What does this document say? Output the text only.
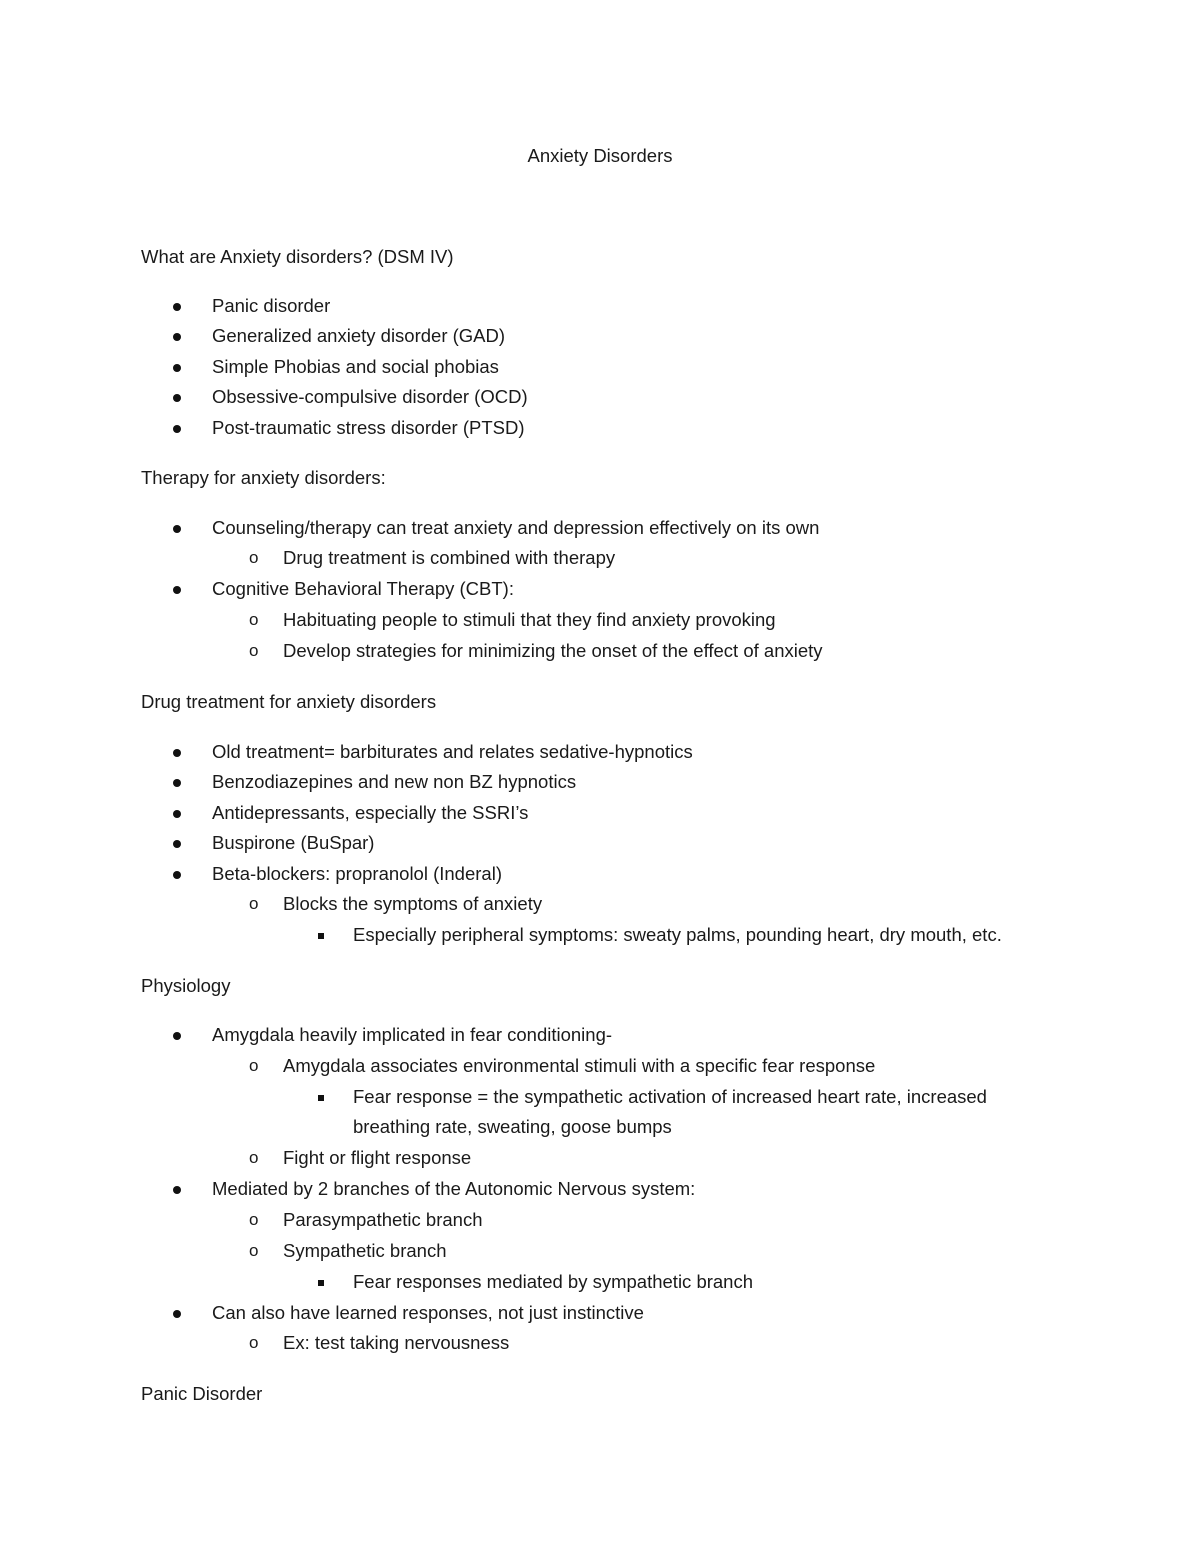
Anxiety Disorders
What are Anxiety disorders? (DSM IV)
Panic disorder
Generalized anxiety disorder (GAD)
Simple Phobias and social phobias
Obsessive-compulsive disorder (OCD)
Post-traumatic stress disorder (PTSD)
Therapy for anxiety disorders:
Counseling/therapy can treat anxiety and depression effectively on its own
o Drug treatment is combined with therapy
Cognitive Behavioral Therapy (CBT):
o Habituating people to stimuli that they find anxiety provoking
o Develop strategies for minimizing the onset of the effect of anxiety
Drug treatment for anxiety disorders
Old treatment= barbiturates and relates sedative-hypnotics
Benzodiazepines and new non BZ hypnotics
Antidepressants, especially the SSRI’s
Buspirone (BuSpar)
Beta-blockers: propranolol (Inderal)
o Blocks the symptoms of anxiety
Especially peripheral symptoms: sweaty palms, pounding heart, dry mouth, etc.
Physiology
Amygdala heavily implicated in fear conditioning-
o Amygdala associates environmental stimuli with a specific fear response
Fear response = the sympathetic activation of increased heart rate, increased
breathing rate, sweating, goose bumps
o Fight or flight response
Mediated by 2 branches of the Autonomic Nervous system:
o Parasympathetic branch
o Sympathetic branch
Fear responses mediated by sympathetic branch
Can also have learned responses, not just instinctive
o Ex: test taking nervousness
Panic Disorder
